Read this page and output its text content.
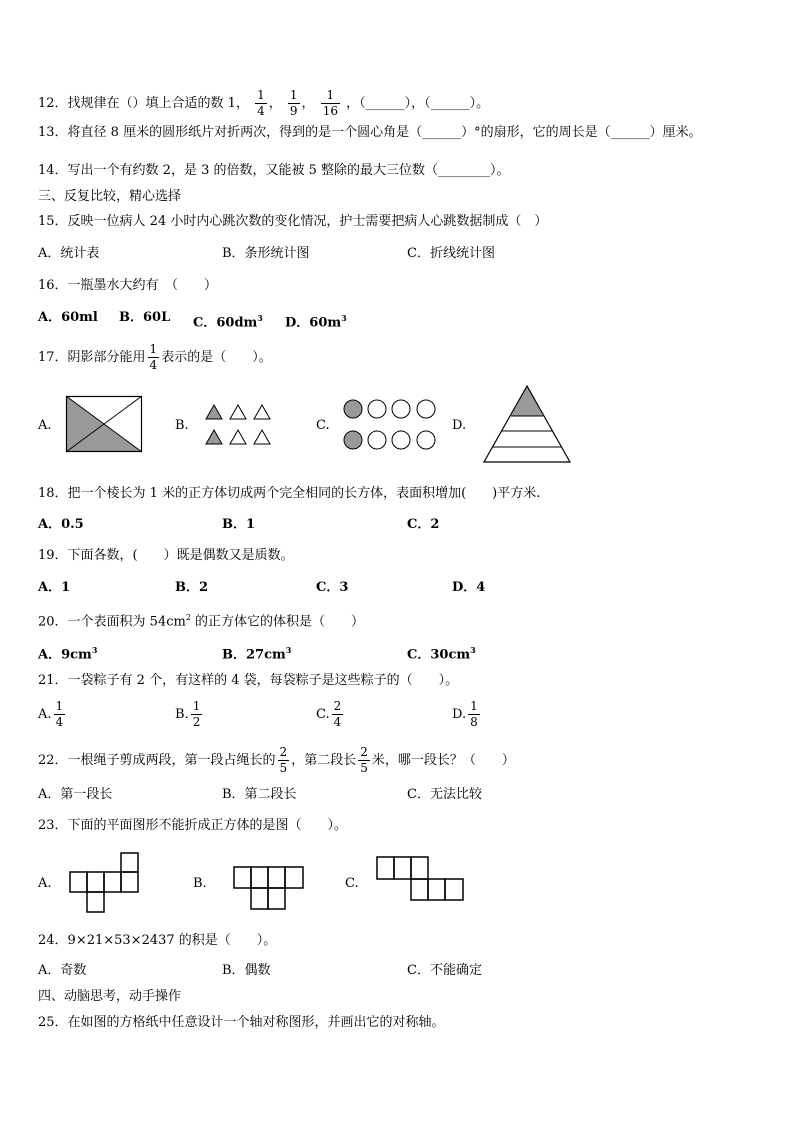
12．找规律在（）填上合适的数 1， $\frac{1}{4}$ ， $\frac{1}{9}$ ， $\frac{1}{16}$ ，（______），（______）。
13．将直径 8 厘米的圆形纸片对折两次，得到的是一个圆心角是（______）°的扇形，它的周长是（______）厘米。
14．写出一个有约数 2，是 3 的倍数，又能被 5 整除的最大三位数（________）。
三、反复比较，精心选择
15．反映一位病人 24 小时内心跳次数的变化情况，护士需要把病人心跳数据制成（　）
A．统计表	B．条形统计图	C．折线统计图
16．一瓶墨水大约有　（　　）
A．60ml B．60L C．$60dm^3$ D．$60m^3$
17．阴影部分能用 $\frac{1}{4}$ 表示的是（　　）。
A.	B.	C.	D.
18．把一个棱长为 1 米的正方体切成两个完全相同的长方体，表面积增加(　　)平方米.
A．0.5	B．1	C．2
19．下面各数，(　　）既是偶数又是质数。
A．1	B．2	C．3	D．4
20．一个表面积为 $54cm^2$ 的正方体它的体积是（　　）
A．$9cm^3$	B．$27cm^3$	C．$30cm^3$
21．一袋粽子有 2 个，有这样的 4 袋，每袋粽子是这些粽子的（　　）。
A. $\frac{1}{4}$	B. $\frac{1}{2}$	C. $\frac{2}{4}$	D. $\frac{1}{8}$
22．一根绳子剪成两段，第一段占绳长的 $\frac{2}{5}$ ，第二段长 $\frac{2}{5}$ 米，哪一段长？（　　）
A．第一段长	B．第二段长	C．无法比较
23．下面的平面图形不能折成正方体的是图（　　）。
A.	B.	C.
24．9×21×53×2437 的积是（　　）。
A．奇数	B．偶数	C．不能确定
四、动脑思考，动手操作
25．在如图的方格纸中任意设计一个轴对称图形，并画出它的对称轴。
